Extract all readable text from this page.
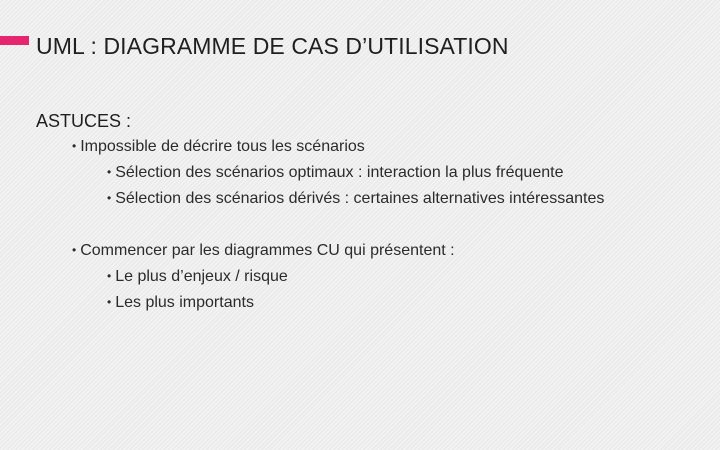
UML : DIAGRAMME DE CAS D’UTILISATION
ASTUCES :
• Impossible de décrire tous les scénarios
• Sélection des scénarios optimaux : interaction la plus fréquente
• Sélection des scénarios dérivés : certaines alternatives intéressantes
• Commencer par les diagrammes CU qui présentent :
• Le plus d’enjeux / risque
• Les plus importants
